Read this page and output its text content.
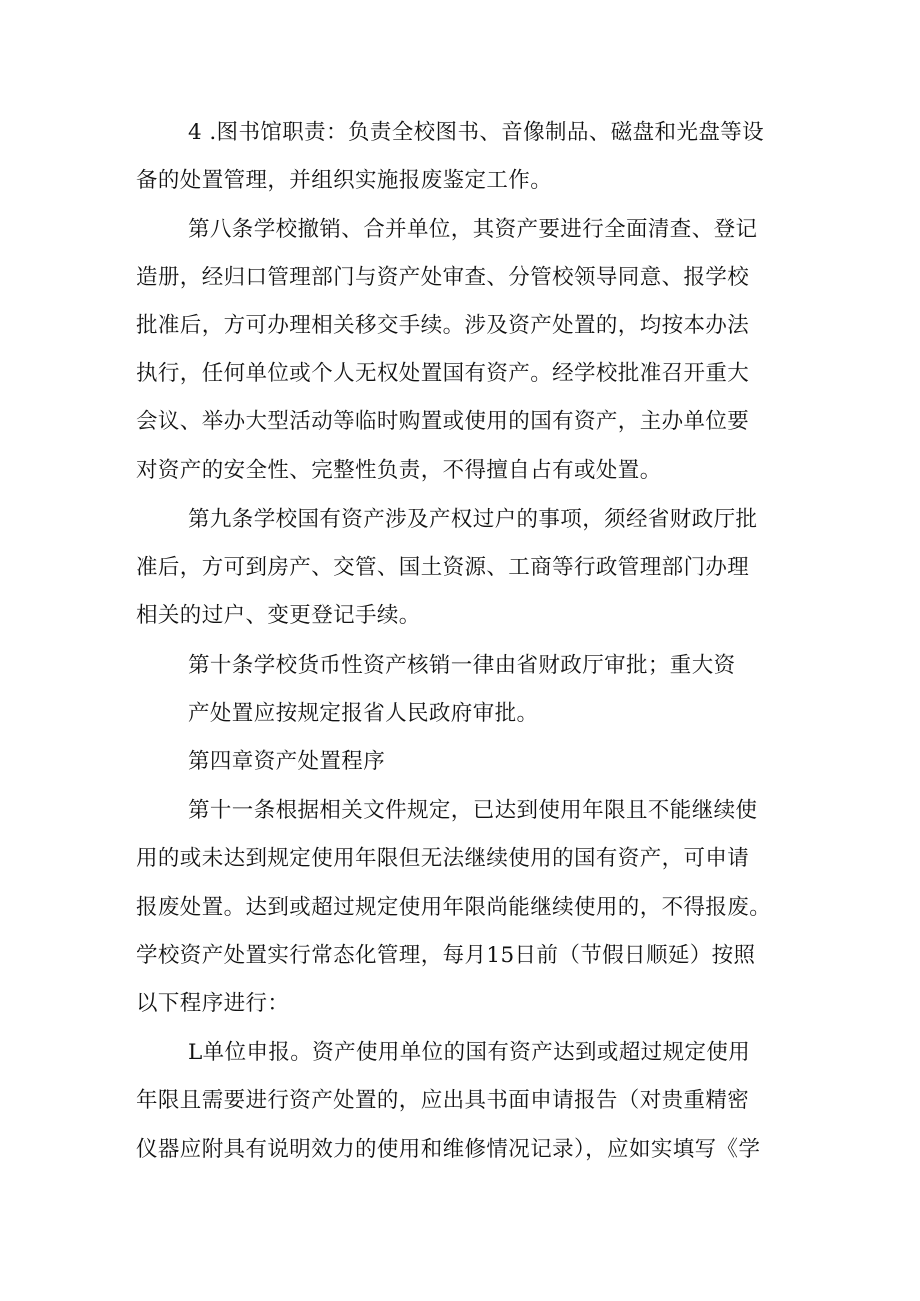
4 .图书馆职责：负责全校图书、音像制品、磁盘和光盘等设
备的处置管理，并组织实施报废鉴定工作。
第八条学校撤销、合并单位，其资产要进行全面清查、登记
造册，经归口管理部门与资产处审查、分管校领导同意、报学校
批准后，方可办理相关移交手续。涉及资产处置的，均按本办法
执行，任何单位或个人无权处置国有资产。经学校批准召开重大
会议、举办大型活动等临时购置或使用的国有资产，主办单位要
对资产的安全性、完整性负责，不得擅自占有或处置。
第九条学校国有资产涉及产权过户的事项，须经省财政厅批
准后，方可到房产、交管、国土资源、工商等行政管理部门办理
相关的过户、变更登记手续。
第十条学校货币性资产核销一律由省财政厅审批；重大资
产处置应按规定报省人民政府审批。
第四章资产处置程序
第十一条根据相关文件规定，已达到使用年限且不能继续使
用的或未达到规定使用年限但无法继续使用的国有资产，可申请
报废处置。达到或超过规定使用年限尚能继续使用的，不得报废。
学校资产处置实行常态化管理，每月15日前（节假日顺延）按照
以下程序进行：
L单位申报。资产使用单位的国有资产达到或超过规定使用
年限且需要进行资产处置的，应出具书面申请报告（对贵重精密
仪器应附具有说明效力的使用和维修情况记录），应如实填写《学
